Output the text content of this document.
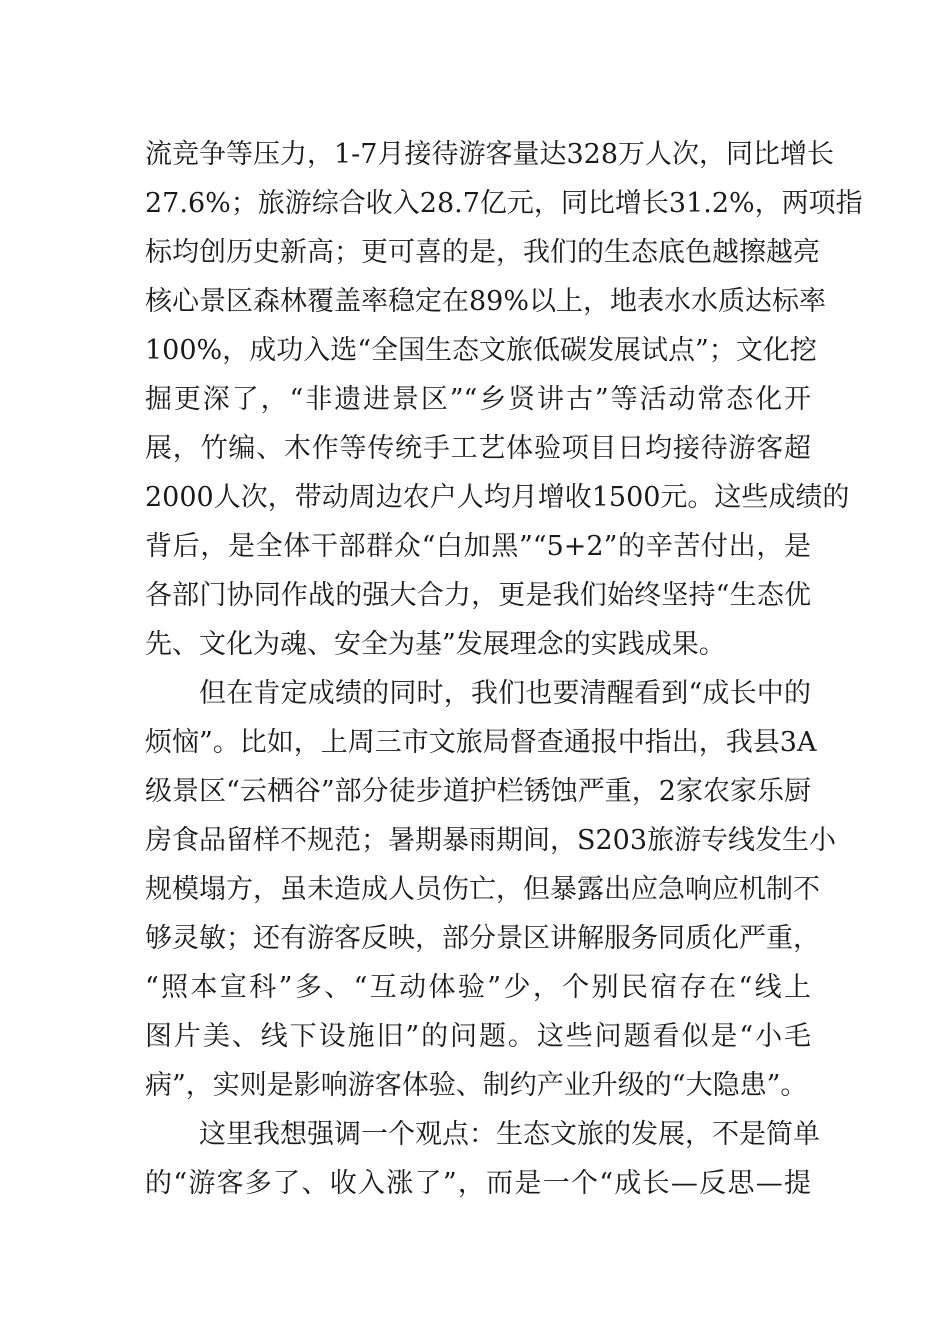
流竞争等压力，1-7月接待游客量达328万人次，同比增长
27.6%；旅游综合收入28.7亿元，同比增长31.2%，两项指
标均创历史新高；更可喜的是，我们的生态底色越擦越亮
核心景区森林覆盖率稳定在89%以上，地表水水质达标率
100%，成功入选“全国生态文旅低碳发展试点”；文化挖
掘更深了，“非遗进景区”“乡贤讲古”等活动常态化开
展，竹编、木作等传统手工艺体验项目日均接待游客超
2000人次，带动周边农户人均月增收1500元。这些成绩的
背后，是全体干部群众“白加黑”“5+2”的辛苦付出，是
各部门协同作战的强大合力，更是我们始终坚持“生态优
先、文化为魂、安全为基”发展理念的实践成果。
但在肯定成绩的同时，我们也要清醒看到“成长中的
烦恼”。比如，上周三市文旅局督查通报中指出，我县3A
级景区“云栖谷”部分徒步道护栏锈蚀严重，2家农家乐厨
房食品留样不规范；暑期暴雨期间，S203旅游专线发生小
规模塌方，虽未造成人员伤亡，但暴露出应急响应机制不
够灵敏；还有游客反映，部分景区讲解服务同质化严重，
“照本宣科”多、“互动体验”少，个别民宿存在“线上
图片美、线下设施旧”的问题。这些问题看似是“小毛
病”，实则是影响游客体验、制约产业升级的“大隐患”。
这里我想强调一个观点：生态文旅的发展，不是简单
的“游客多了、收入涨了”，而是一个“成长—反思—提
